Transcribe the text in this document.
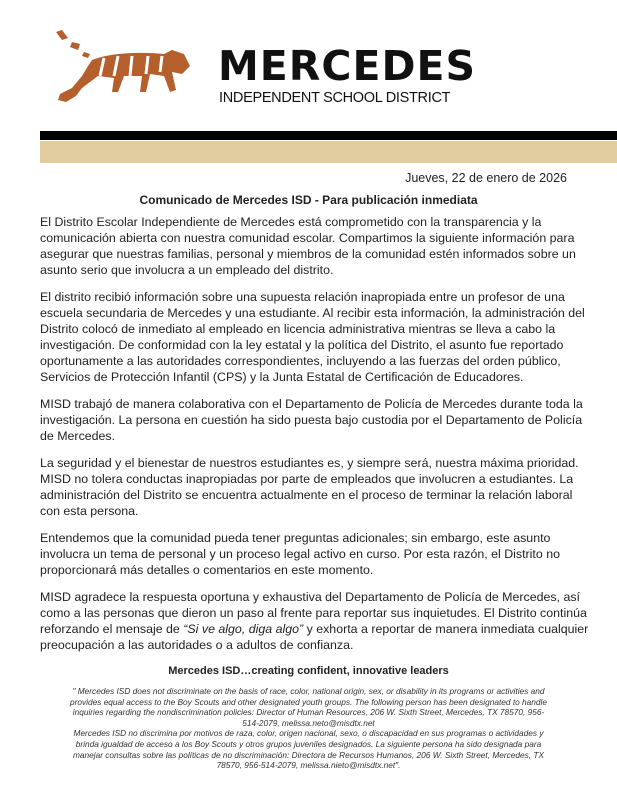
MERCEDES
INDEPENDENT SCHOOL DISTRICT
Jueves, 22 de enero de 2026
Comunicado de Mercedes ISD - Para publicación inmediata

El Distrito Escolar Independiente de Mercedes está comprometido con la transparencia y la comunicación abierta con nuestra comunidad escolar. Compartimos la siguiente información para asegurar que nuestras familias, personal y miembros de la comunidad estén informados sobre un asunto serio que involucra a un empleado del distrito.

El distrito recibió información sobre una supuesta relación inapropiada entre un profesor de una escuela secundaria de Mercedes y una estudiante. Al recibir esta información, la administración del Distrito colocó de inmediato al empleado en licencia administrativa mientras se lleva a cabo la investigación. De conformidad con la ley estatal y la política del Distrito, el asunto fue reportado oportunamente a las autoridades correspondientes, incluyendo a las fuerzas del orden público, Servicios de Protección Infantil (CPS) y la Junta Estatal de Certificación de Educadores.

MISD trabajó de manera colaborativa con el Departamento de Policía de Mercedes durante toda la investigación. La persona en cuestión ha sido puesta bajo custodia por el Departamento de Policía de Mercedes.

La seguridad y el bienestar de nuestros estudiantes es, y siempre será, nuestra máxima prioridad. MISD no tolera conductas inapropiadas por parte de empleados que involucren a estudiantes. La administración del Distrito se encuentra actualmente en el proceso de terminar la relación laboral con esta persona.

Entendemos que la comunidad pueda tener preguntas adicionales; sin embargo, este asunto involucra un tema de personal y un proceso legal activo en curso. Por esta razón, el Distrito no proporcionará más detalles o comentarios en este momento.

MISD agradece la respuesta oportuna y exhaustiva del Departamento de Policía de Mercedes, así como a las personas que dieron un paso al frente para reportar sus inquietudes. El Distrito continúa reforzando el mensaje de “Si ve algo, diga algo” y exhorta a reportar de manera inmediata cualquier preocupación a las autoridades o a adultos de confianza.

Mercedes ISD…creating confident, innovative leaders
" Mercedes ISD does not discriminate on the basis of race, color, national origin, sex, or disability in its programs or activities and provides equal access to the Boy Scouts and other designated youth groups. The following person has been designated to handle inquiries regarding the nondiscrimination policies: Director of Human Resources, 206 W. Sixth Street, Mercedes, TX 78570, 956-514-2079, melissa.neto@misdtx.net
Mercedes ISD no discrimina por motivos de raza, color, origen nacional, sexo, o discapacidad en sus programas o actividades y brinda igualdad de acceso a los Boy Scouts y otros grupos juveniles designados. La siguiente persona ha sido designada para manejar consultas sobre las políticas de no discriminación: Directora de Recursos Humanos, 206 W. Sixth Street, Mercedes, TX 78570, 956-514-2079, melissa.nieto@misdtx.net".
